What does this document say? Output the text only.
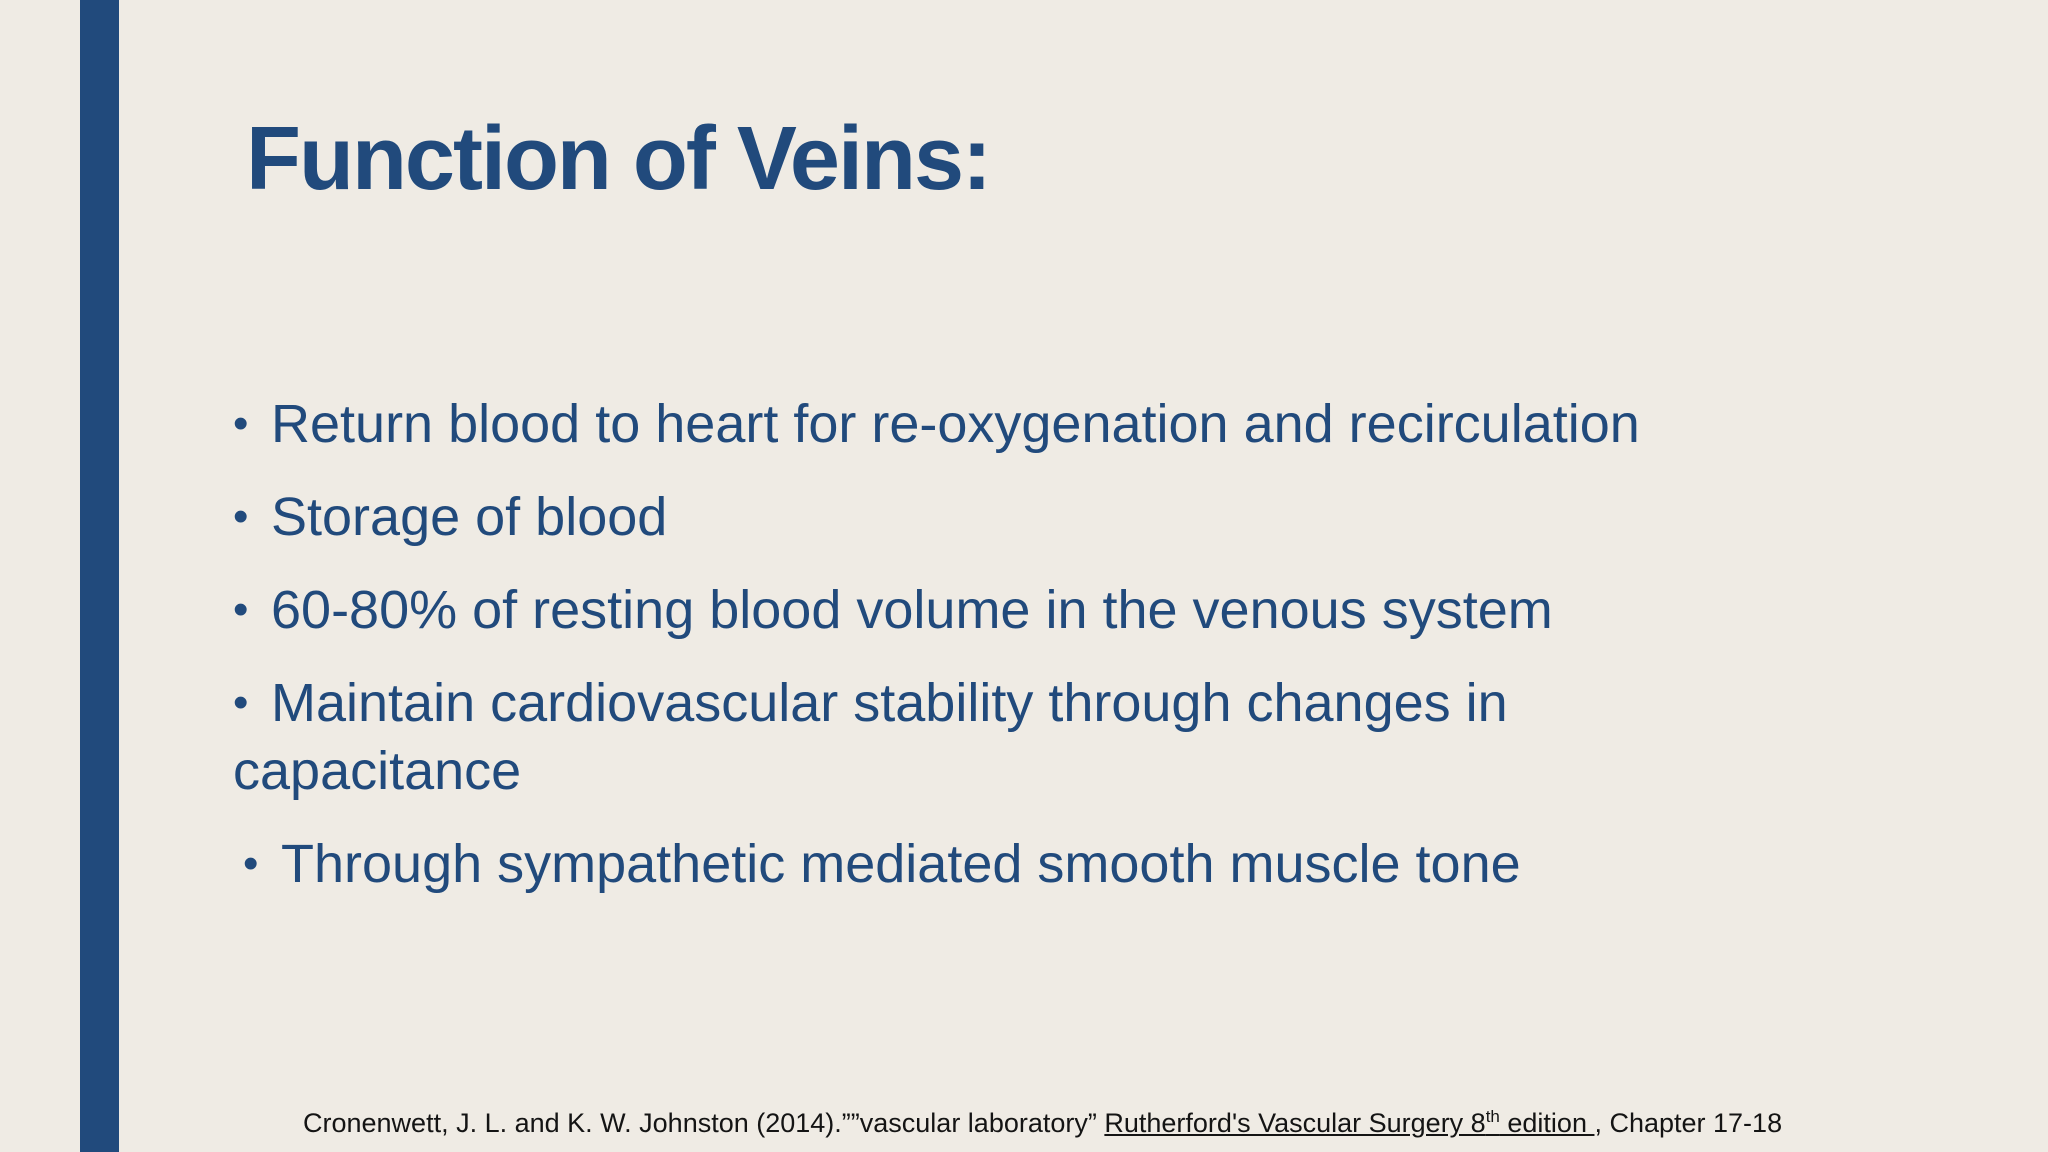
Function of Veins:
• Return blood to heart for re-oxygenation and recirculation
• Storage of blood
• 60-80% of resting blood volume in the venous system
• Maintain cardiovascular stability through changes in capacitance
• Through sympathetic mediated smooth muscle tone
Cronenwett, J. L. and K. W. Johnston (2014).””vascular laboratory” Rutherford's Vascular Surgery 8th edition , Chapter 17-18
